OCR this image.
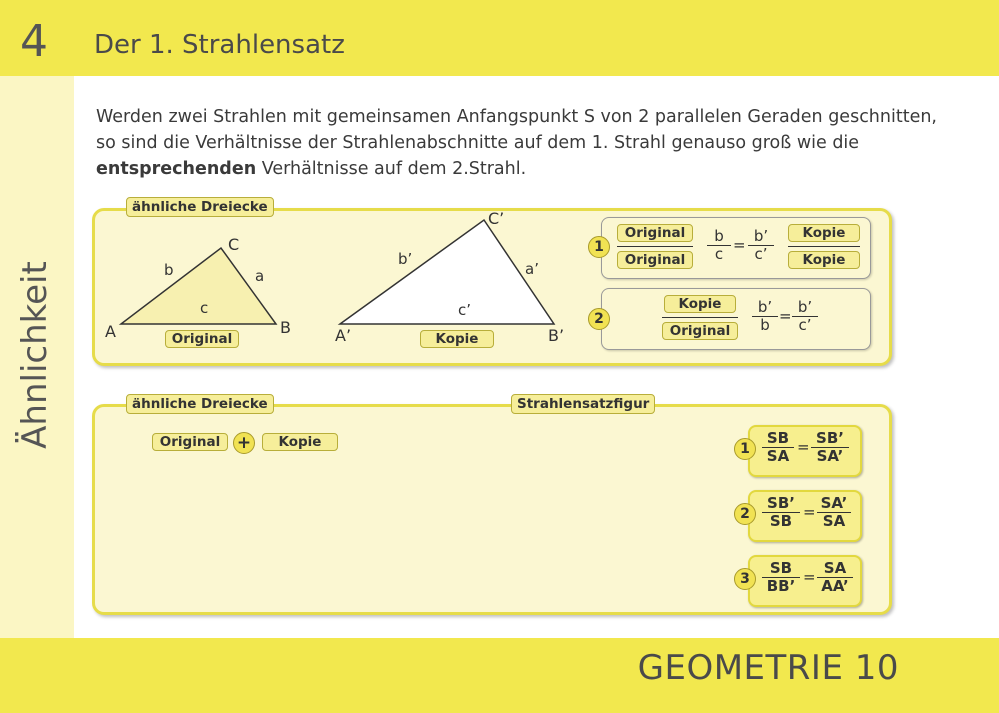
4 Der 1. Strahlensatz
Ähnlichkeit
Werden zwei Strahlen mit gemeinsamen Anfangspunkt S von 2 parallelen Geraden geschnitten, so sind die Verhältnisse der Strahlenabschnitte auf dem 1. Strahl genauso groß wie die entsprechenden Verhältnisse auf dem 2.Strahl.
ähnliche Dreiecke
A	B
C
a
b
c
A’	B’
C’
a’
b’
c’
Original	Kopie
1
Original
Original	$\frac{b}{c} = \frac{b’}{c’}$	Kopie
Kopie
2
Kopie
Original	$\frac{b’}{b} = \frac{b’}{c’}$
ähnliche Dreiecke	Strahlensatzfigur
Original +	Kopie	$1 \frac{SB}{SA} = \frac{SB’}{SA’}$
$2 \frac{SB’}{SB} = \frac{SA’}{SA}$
$3 \frac{SB}{BB’} = \frac{SA}{AA’}$
GEOMETRIE 10
